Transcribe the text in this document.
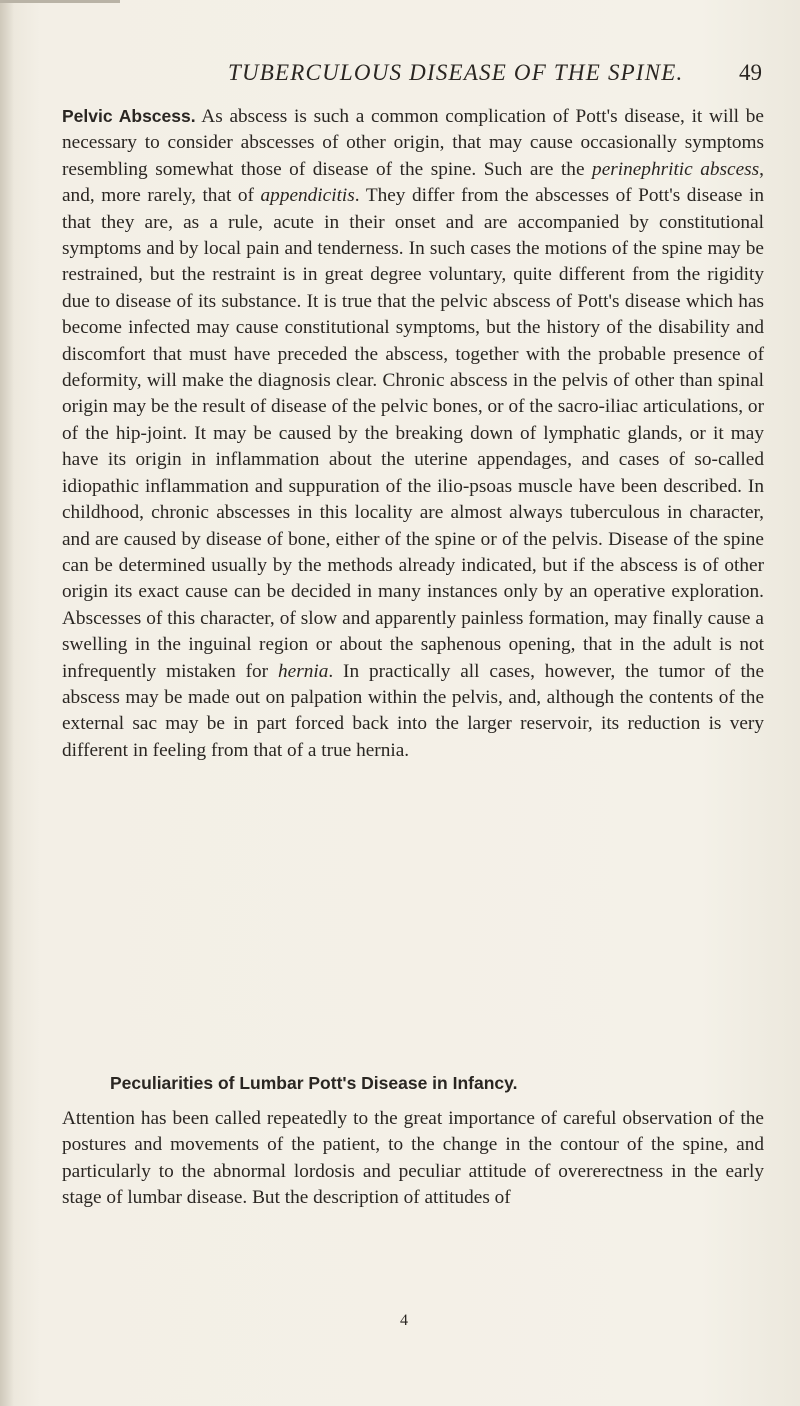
TUBERCULOUS DISEASE OF THE SPINE. 49

Pelvic Abscess. As abscess is such a common complication of Pott's disease, it will be necessary to consider abscesses of other origin, that may cause occasionally symptoms resembling somewhat those of disease of the spine. Such are the perinephritic abscess, and, more rarely, that of appendicitis. They differ from the abscesses of Pott's disease in that they are, as a rule, acute in their onset and are accompanied by constitutional symptoms and by local pain and tenderness. In such cases the motions of the spine may be restrained, but the restraint is in great degree voluntary, quite different from the rigidity due to disease of its substance. It is true that the pelvic abscess of Pott's disease which has become infected may cause constitutional symptoms, but the history of the disability and discomfort that must have preceded the abscess, together with the probable presence of deformity, will make the diagnosis clear. Chronic abscess in the pelvis of other than spinal origin may be the result of disease of the pelvic bones, or of the sacro-iliac articulations, or of the hip-joint. It may be caused by the breaking down of lymphatic glands, or it may have its origin in inflammation about the uterine appendages, and cases of so-called idiopathic inflammation and suppuration of the ilio-psoas muscle have been described. In childhood, chronic abscesses in this locality are almost always tuberculous in character, and are caused by disease of bone, either of the spine or of the pelvis. Disease of the spine can be determined usually by the methods already indicated, but if the abscess is of other origin its exact cause can be decided in many instances only by an operative exploration. Abscesses of this character, of slow and apparently painless formation, may finally cause a swelling in the inguinal region or about the saphenous opening, that in the adult is not infrequently mistaken for hernia. In practically all cases, however, the tumor of the abscess may be made out on palpation within the pelvis, and, although the contents of the external sac may be in part forced back into the larger reservoir, its reduction is very different in feeling from that of a true hernia.

Peculiarities of Lumbar Pott's Disease in Infancy.

Attention has been called repeatedly to the great importance of careful observation of the postures and movements of the patient, to the change in the contour of the spine, and particularly to the abnormal lordosis and peculiar attitude of overerectness in the early stage of lumbar disease. But the description of attitudes of

4
